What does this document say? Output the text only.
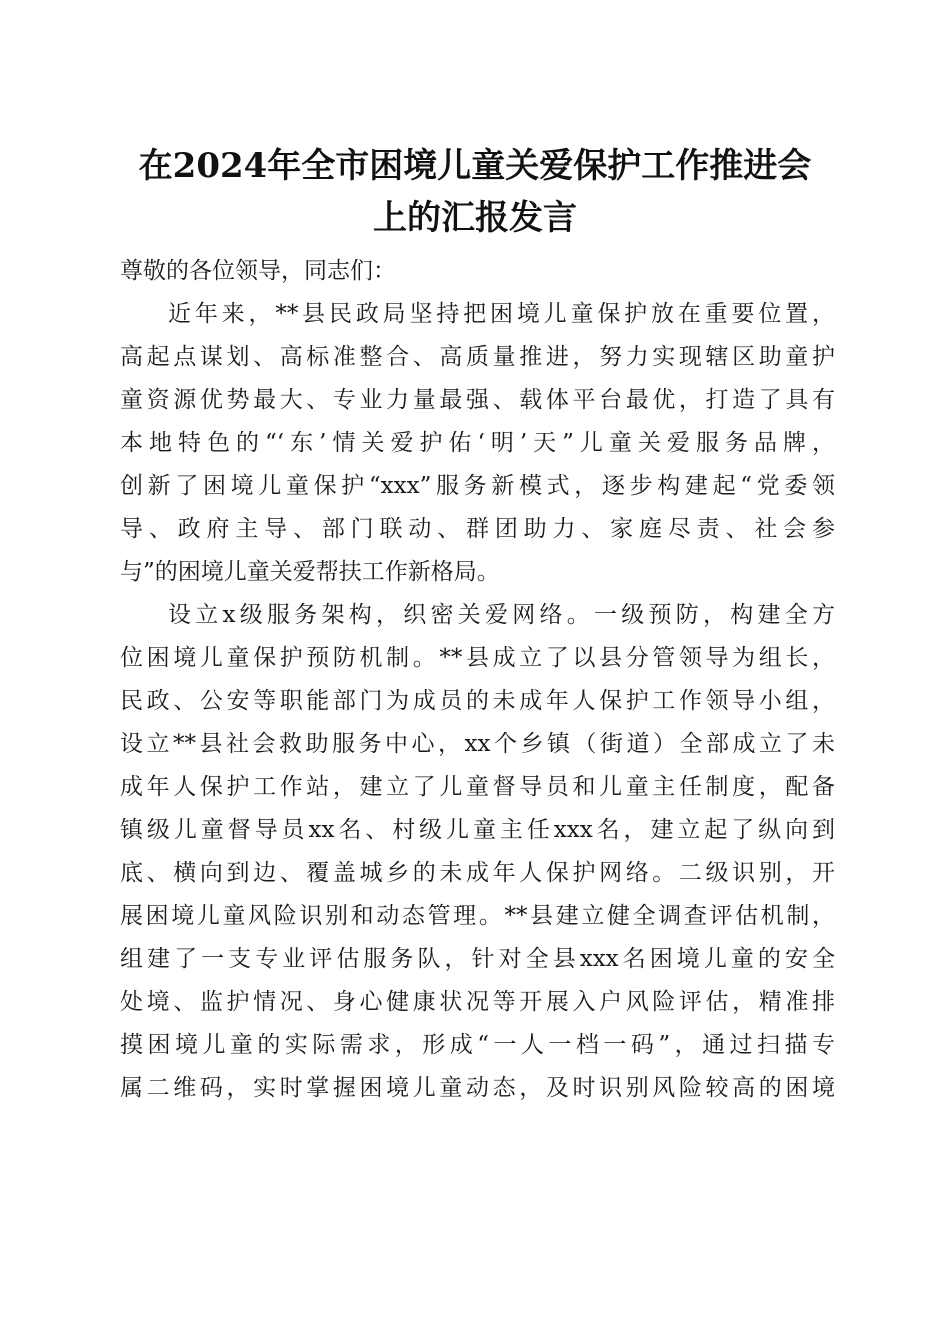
在2024年全市困境儿童关爱保护工作推进会
上的汇报发言
尊敬的各位领导，同志们：
近年来，**县民政局坚持把困境儿童保护放在重要位置，
高起点谋划、高标准整合、高质量推进，努力实现辖区助童护
童资源优势最大、专业力量最强、载体平台最优，打造了具有
本地特色的“‘东’情关爱护佑‘明’天”儿童关爱服务品牌，
创新了困境儿童保护“xxx”服务新模式，逐步构建起“党委领
导、政府主导、部门联动、群团助力、家庭尽责、社会参
与”的困境儿童关爱帮扶工作新格局。
设立x级服务架构，织密关爱网络。一级预防，构建全方
位困境儿童保护预防机制。**县成立了以县分管领导为组长，
民政、公安等职能部门为成员的未成年人保护工作领导小组，
设立**县社会救助服务中心，xx个乡镇（街道）全部成立了未
成年人保护工作站，建立了儿童督导员和儿童主任制度，配备
镇级儿童督导员xx名、村级儿童主任xxx名，建立起了纵向到
底、横向到边、覆盖城乡的未成年人保护网络。二级识别，开
展困境儿童风险识别和动态管理。**县建立健全调查评估机制，
组建了一支专业评估服务队，针对全县xxx名困境儿童的安全
处境、监护情况、身心健康状况等开展入户风险评估，精准排
摸困境儿童的实际需求，形成“一人一档一码”，通过扫描专
属二维码，实时掌握困境儿童动态，及时识别风险较高的困境
